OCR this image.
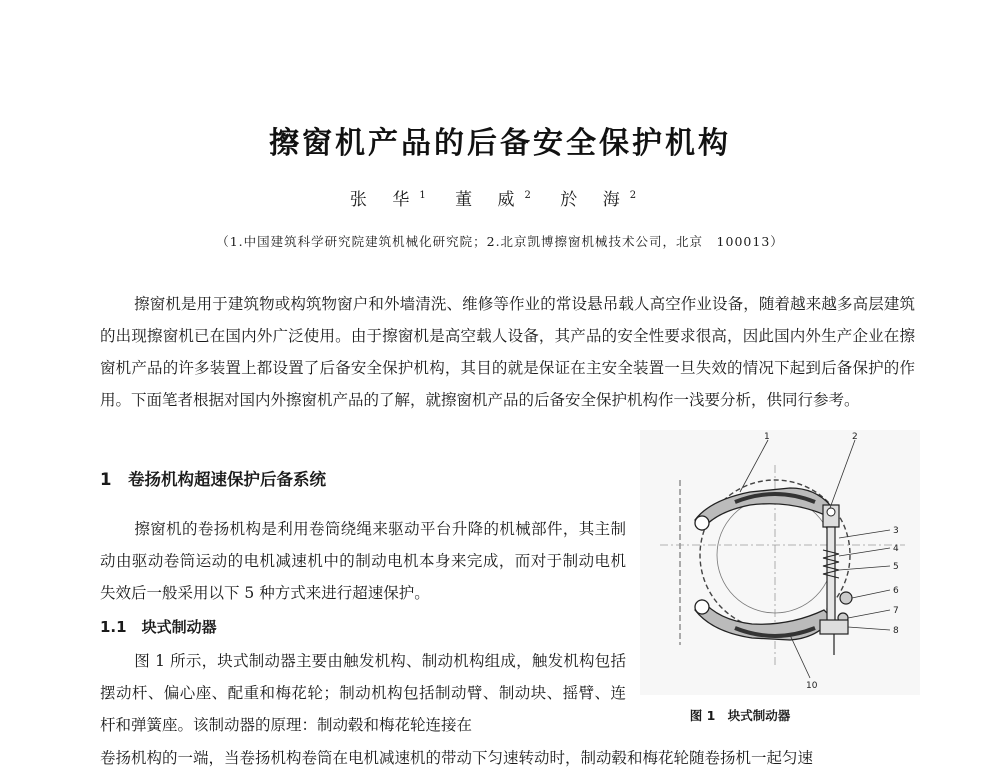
擦窗机产品的后备安全保护机构
张 华$^1$ 董 威$^2$ 於 海$^2$
（1.中国建筑科学研究院建筑机械化研究院；2.北京凯博擦窗机械技术公司，北京　100013）

擦窗机是用于建筑物或构筑物窗户和外墙清洗、维修等作业的常设悬吊载人高空作业设备，随着越来越多高层建筑的出现擦窗机已在国内外广泛使用。由于擦窗机是高空载人设备，其产品的安全性要求很高，因此国内外生产企业在擦窗机产品的许多装置上都设置了后备安全保护机构，其目的就是保证在主安全装置一旦失效的情况下起到后备保护的作用。下面笔者根据对国内外擦窗机产品的了解，就擦窗机产品的后备安全保护机构作一浅要分析，供同行参考。

1　卷扬机构超速保护后备系统

擦窗机的卷扬机构是利用卷筒绕绳来驱动平台升降的机械部件，其主制动由驱动卷筒运动的电机减速机中的制动电机本身来完成，而对于制动电机失效后一般采用以下 5 种方式来进行超速保护。

1.1　块式制动器

图 1 所示，块式制动器主要由触发机构、制动机构组成，触发机构包括摆动杆、偏心座、配重和梅花轮；制动机构包括制动臂、制动块、摇臂、连杆和弹簧座。该制动器的原理：制动毂和梅花轮连接在

卷扬机构的一端，当卷扬机构卷筒在电机减速机的带动下匀速转动时，制动毂和梅花轮随卷扬机一起匀速
1	2
3
4
5
6
7
8
10
图 1　块式制动器
